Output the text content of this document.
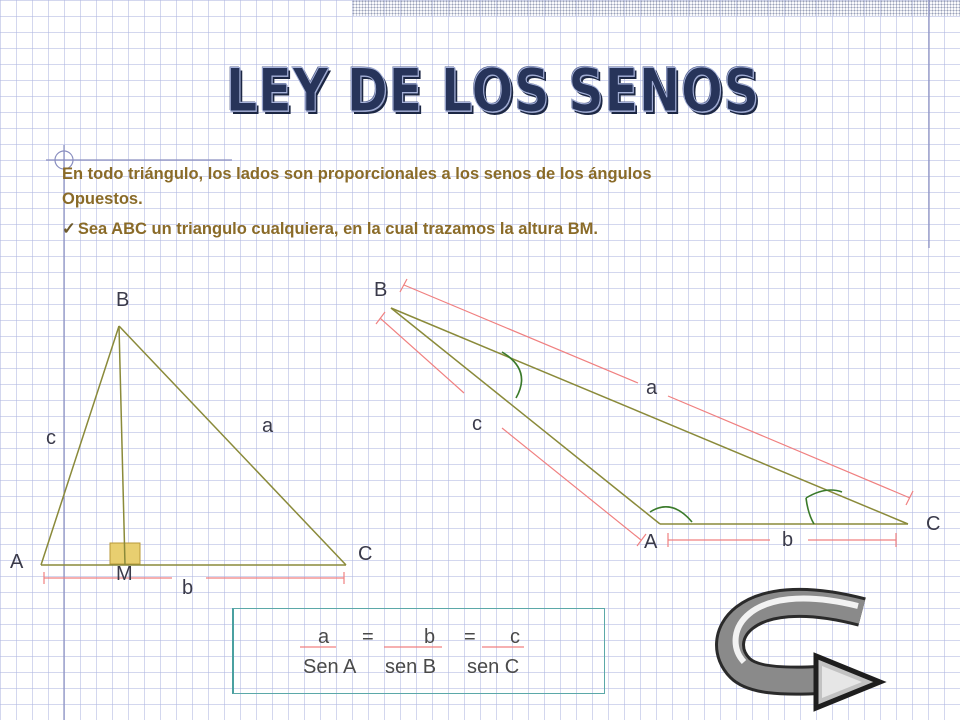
LEY DE LOS SENOS

En todo triángulo, los lados son proporcionales a los senos de los ángulos

Opuestos.

✓ Sea ABC un triangulo cualquiera, en la cual trazamos la altura BM.

B
c
a
A	C
M
b
B
a
c
C
A	b
a =	b = c
Sen A sen B sen C
